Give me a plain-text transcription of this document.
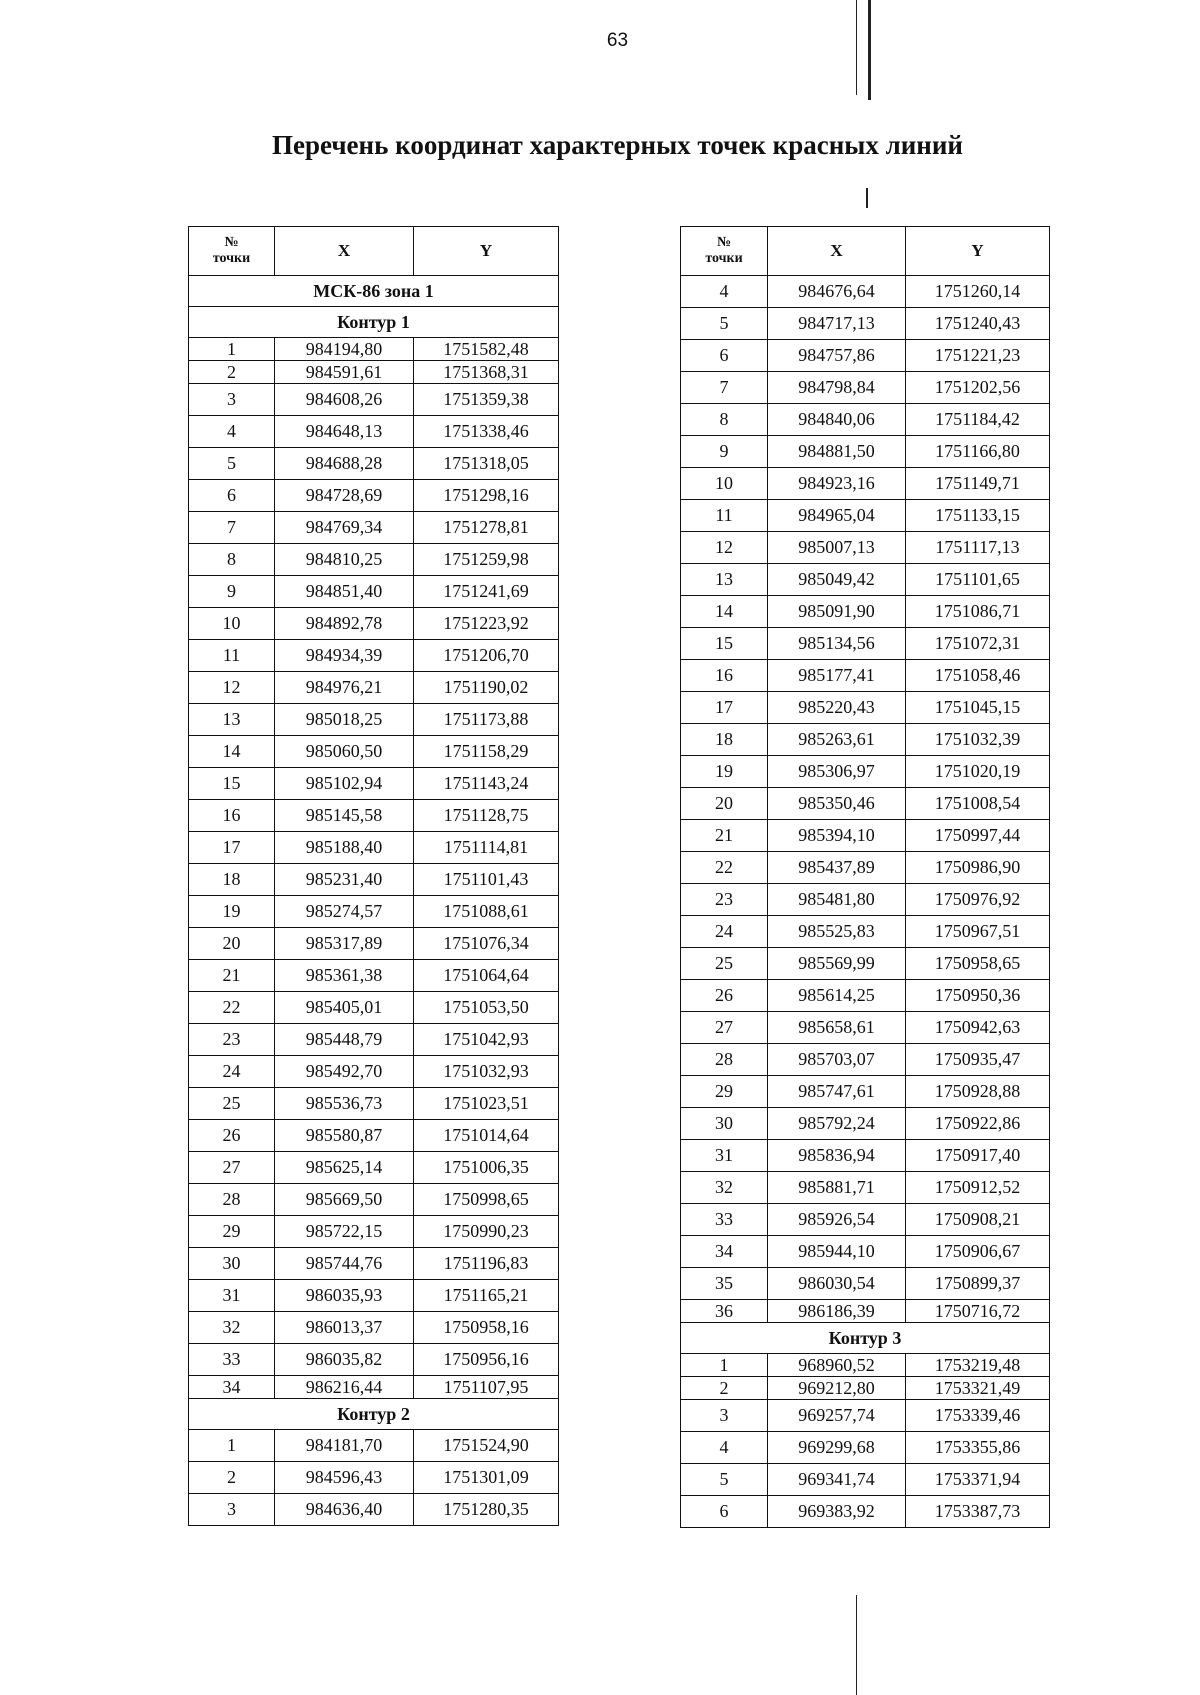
63
Перечень координат характерных точек красных линий
№
точки	X	Y
МСК-86 зона 1		
Контур 1		
1	984194,80	1751582,48
2	984591,61	1751368,31
3	984608,26	1751359,38
4	984648,13	1751338,46
5	984688,28	1751318,05
6	984728,69	1751298,16
7	984769,34	1751278,81
8	984810,25	1751259,98
9	984851,40	1751241,69
10	984892,78	1751223,92
11	984934,39	1751206,70
12	984976,21	1751190,02
13	985018,25	1751173,88
14	985060,50	1751158,29
15	985102,94	1751143,24
16	985145,58	1751128,75
17	985188,40	1751114,81
18	985231,40	1751101,43
19	985274,57	1751088,61
20	985317,89	1751076,34
21	985361,38	1751064,64
22	985405,01	1751053,50
23	985448,79	1751042,93
24	985492,70	1751032,93
25	985536,73	1751023,51
26	985580,87	1751014,64
27	985625,14	1751006,35
28	985669,50	1750998,65
29	985722,15	1750990,23
30	985744,76	1751196,83
31	986035,93	1751165,21
32	986013,37	1750958,16
33	986035,82	1750956,16
34	986216,44	1751107,95
Контур 2		
1	984181,70	1751524,90
2	984596,43	1751301,09
3	984636,40	1751280,35
№
точки	X	Y
4	984676,64	1751260,14
5	984717,13	1751240,43
6	984757,86	1751221,23
7	984798,84	1751202,56
8	984840,06	1751184,42
9	984881,50	1751166,80
10	984923,16	1751149,71
11	984965,04	1751133,15
12	985007,13	1751117,13
13	985049,42	1751101,65
14	985091,90	1751086,71
15	985134,56	1751072,31
16	985177,41	1751058,46
17	985220,43	1751045,15
18	985263,61	1751032,39
19	985306,97	1751020,19
20	985350,46	1751008,54
21	985394,10	1750997,44
22	985437,89	1750986,90
23	985481,80	1750976,92
24	985525,83	1750967,51
25	985569,99	1750958,65
26	985614,25	1750950,36
27	985658,61	1750942,63
28	985703,07	1750935,47
29	985747,61	1750928,88
30	985792,24	1750922,86
31	985836,94	1750917,40
32	985881,71	1750912,52
33	985926,54	1750908,21
34	985944,10	1750906,67
35	986030,54	1750899,37
36	986186,39	1750716,72
Контур 3		
1	968960,52	1753219,48
2	969212,80	1753321,49
3	969257,74	1753339,46
4	969299,68	1753355,86
5	969341,74	1753371,94
6	969383,92	1753387,73
